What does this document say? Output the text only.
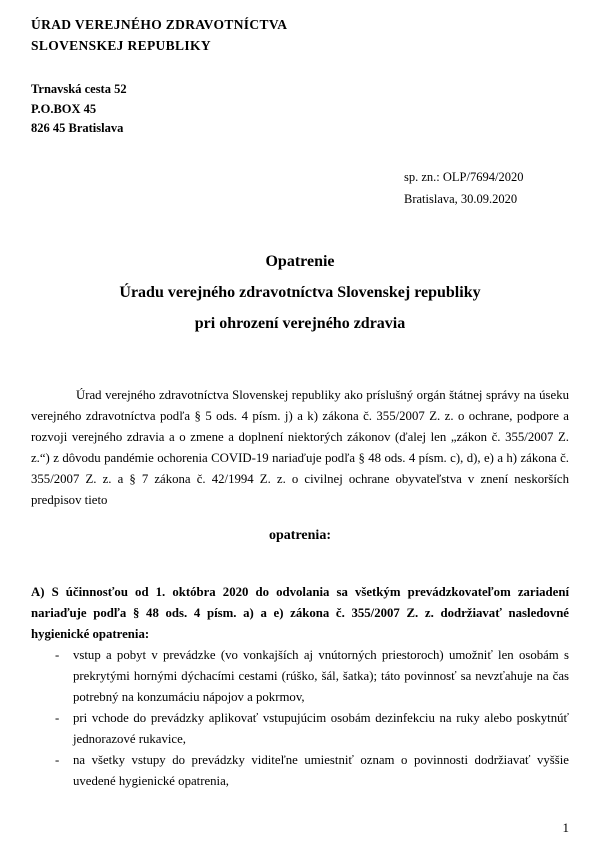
ÚRAD VEREJNÉHO ZDRAVOTNÍCTVA
SLOVENSKEJ REPUBLIKY
Trnavská cesta 52
P.O.BOX 45
826 45 Bratislava
sp. zn.: OLP/7694/2020
Bratislava, 30.09.2020
Opatrenie
Úradu verejného zdravotníctva Slovenskej republiky
pri ohrození verejného zdravia

Úrad verejného zdravotníctva Slovenskej republiky ako príslušný orgán štátnej správy na úseku verejného zdravotníctva podľa § 5 ods. 4 písm. j) a k) zákona č. 355/2007 Z. z. o ochrane, podpore a rozvoji verejného zdravia a o zmene a doplnení niektorých zákonov (ďalej len „zákon č. 355/2007 Z. z.“) z dôvodu pandémie ochorenia COVID-19 nariaďuje podľa § 48 ods. 4 písm. c), d), e) a h) zákona č. 355/2007 Z. z. a § 7 zákona č. 42/1994 Z. z. o civilnej ochrane obyvateľstva v znení neskorších predpisov tieto

opatrenia:

A) S účinnosťou od 1. októbra 2020 do odvolania sa všetkým prevádzkovateľom zariadení nariaďuje podľa § 48 ods. 4 písm. a) a e) zákona č. 355/2007 Z. z. dodržiavať nasledovné hygienické opatrenia:

- vstup a pobyt v prevádzke (vo vonkajších aj vnútorných priestoroch) umožniť len osobám s prekrytými hornými dýchacími cestami (rúško, šál, šatka); táto povinnosť sa nevzťahuje na čas potrebný na konzumáciu nápojov a pokrmov,
- pri vchode do prevádzky aplikovať vstupujúcim osobám dezinfekciu na ruky alebo poskytnúť jednorazové rukavice,
- na všetky vstupy do prevádzky viditeľne umiestniť oznam o povinnosti dodržiavať vyššie uvedené hygienické opatrenia,
1
